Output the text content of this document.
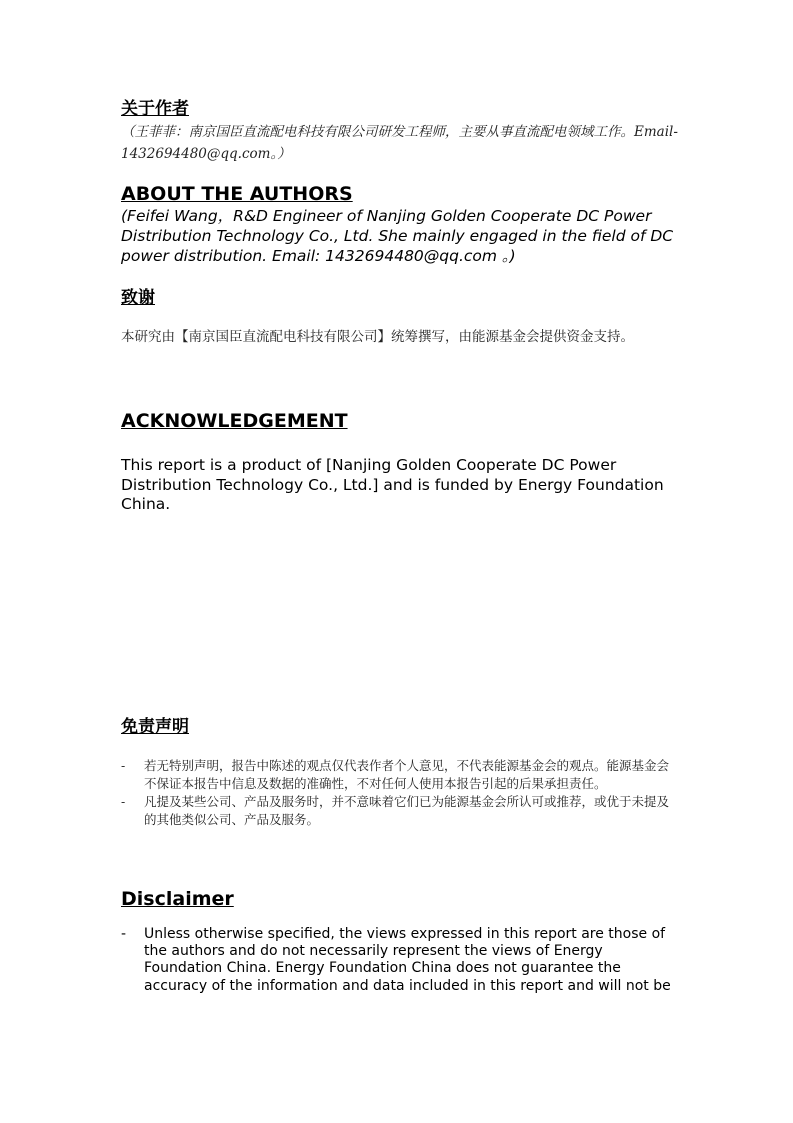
关于作者

（王菲菲：南京国臣直流配电科技有限公司研发工程师，主要从事直流配电领域工作。Email-1432694480@qq.com。）

ABOUT THE AUTHORS

(Feifei Wang，R&D Engineer of Nanjing Golden Cooperate DC Power Distribution Technology Co., Ltd. She mainly engaged in the field of DC power distribution. Email: 1432694480@qq.com 。)

致谢

本研究由【南京国臣直流配电科技有限公司】统筹撰写，由能源基金会提供资金支持。

ACKNOWLEDGEMENT

This report is a product of [Nanjing Golden Cooperate DC Power Distribution Technology Co., Ltd.] and is funded by Energy Foundation China.

免责声明
- 若无特别声明，报告中陈述的观点仅代表作者个人意见，不代表能源基金会的观点。能源基金会不保证本报告中信息及数据的准确性，不对任何人使用本报告引起的后果承担责任。
- 凡提及某些公司、产品及服务时，并不意味着它们已为能源基金会所认可或推荐，或优于未提及的其他类似公司、产品及服务。
Disclaimer
- Unless otherwise specified, the views expressed in this report are those of the authors and do not necessarily represent the views of Energy Foundation China. Energy Foundation China does not guarantee the accuracy of the information and data included in this report and will not be
